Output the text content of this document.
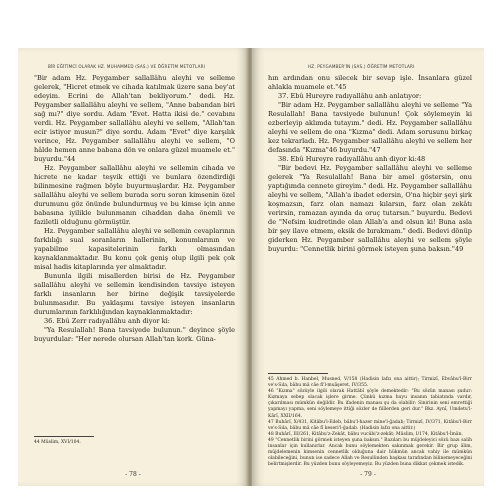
BİR EĞİTİMCİ OLARAK HZ. MUHAMMED (SAS.) VE ÖĞRETİM METOTLARI

"Bir adam Hz. Peygamber sallallâhu aleyhi ve selleme gelerek, "Hicret etmek ve cihada katılmak üzere sana bey'at edeyim. Ecrini de Allah'tan bekliyorum." dedi. Hz. Peygamber sallallâhu aleyhi ve sellem, "Anne babandan biri sağ mı?" diye sordu. Adam "Evet. Hatta ikisi de." cevabını verdi. Hz. Peygamber sallallâhu aleyhi ve sellem, "Allah'tan ecir istiyor musun?" diye sordu. Adam "Evet" diye karşılık verince, Hz. Peygamber sallallâhu aleyhi ve sellem, "O hâlde hemen anne babana dön ve onlara güzel muamele et." buyurdu."44

Hz. Peygamber sallallâhu aleyhi ve sellemin cihada ve hicrete ne kadar teşvik ettiği ve bunlara özendirdiği bilinmesine rağmen böyle buyurmuşlardır. Hz. Peygamber sallallâhu aleyhi ve sellem burada soru soran kimsenin özel durumunu göz önünde bulundurmuş ve bu kimse için anne babasına iyilikle bulunmanın cihaddan daha önemli ve faziletli olduğunu görmüştür.

Hz. Peygamber sallallâhu aleyhi ve sellemin cevaplarının farklılığı sual soranların hallerinin, konumlarının ve yapabilme kapasitelerinin farklı olmasından kaynaklanmaktadır. Bu konu çok geniş olup ilgili pek çok misal hadis kitaplarında yer almaktadır.

Bununla ilgili misallerden birisi de Hz. Peygamber sallallâhu aleyhi ve sellemin kendisinden tavsiye isteyen farklı insanların her birine değişik tavsiyelerde bulunmasıdır. Bu yaklaşımı tavsiye isteyen insanların durumlarının farklılığından kaynaklanmaktadır:

36. Ebû Zerr radıyallâhu anh diyor ki:

"Ya Resulallah! Bana tavsiyede bulunun." deyince şöyle buyurdular: "Her nerede olursan Allah'tan kork. Güna-

44 Müslim, XVI/104.
- 78 -
HZ. PEYGAMBER'İN (SAS.) ÖĞRETİM METOTLARI

hın ardından onu silecek bir sevap işle. İnsanlara güzel ahlakla muamele et."45

37. Ebû Hureyre radıyallâhu anh anlatıyor:

"Bir adam Hz. Peygamber sallallâhu aleyhi ve selleme "Ya Resulallah! Bana tavsiyede bulunun! Çok söylemeyin ki ezberleyip aklımda tutayım." dedi. Hz. Peygamber sallallâhu aleyhi ve sellem de ona "Kızma" dedi. Adam sorusunu birkaç kez tekrarladı. Hz. Peygamber sallallâhu aleyhi ve sellem her defasında "Kızma"46 buyurdu."47

38. Ebû Hureyre radıyallâhu anh diyor ki:48

"Bir bedevi Hz. Peygamber sallallâhu aleyhi ve selleme gelerek "Ya Resulallah! Bana bir amel göstersin, onu yaptığımda cennete gireyim." dedi. Hz. Peygamber sallallâhu aleyhi ve sellem, "Allah'a ibadet edersin, O'na hiçbir şeyi şirk koşmazsın, farz olan namazı kılarsın, farz olan zekâtı verirsin, ramazan ayında da oruç tutarsın." buyurdu. Bedevi de "Nefsim kudretinde olan Allah'a and olsun ki! Buna asla bir şey ilave etmem, eksik de bırakmam." dedi. Bedevi dönüp giderken Hz. Peygamber sallallâhu aleyhi ve sellem şöyle buyurdu: "Cennetlik birini görmek isteyen şuna baksın."49

45 Ahmed b. Hanbel, Musned, V/158 (Hadisin lafzı ona aittir); Tirmizî, Ebvâbu'l-Birr ve's-Sıla, bâbu mâ câe fi'l-muâşeret, IV/355.
46 "Kızma" sözüyle ilgili olarak Hattâbî şöyle demektedir: "Bu sözün manası şudur: Kızmaya sebep olacak işlere girme. Çünkü kızma huyu insanın tabiatında vardır, çıkarılması mümkün değildir. Bu ifadenin manası şu da olabilir: Sinirinin seni emrettiği yapmayı yapma, seni söylemeye ittiği sözler de fiillerden geri dur." Bkz. Aynî, Umdetu'l-Kârî, XXII/164.
47 Buhârî, X/431, Kitâbu'l-Edeb, bâbu'l-hazer mine'l-ğadab; Tirmizî, IV/371, Kitâbu'l-Birr ve's-Sıla, bâbu mâ câe fî keseri'l-ğadab. (Hadisin lafzı ona aittir.)
48 Buhârî, III/261, Kitâbu'z-Zekât, bâbu vucûbi'z-zekât; Müslim, I/174, Kitâbu'l-İmân.
49 "Cennetlik birini görmek isteyen şuna baksın." Bazıları bu müjdeleyici sözü bazı salih insanlar için kullanırlar. Ancak bunu söylemekten sakınmak gerekir. Bir grup âlim, müjdelemenin kimsenin cennetlik olduğuna dair hükmün ancak vahiy ile mümkün olabileceğini, bunun ise sadece Allah ve Resulünden başkası tarafından bilinemeyeceğini belirtmişlerdir. Bu yüzden bunu söyleyemeyiz. Bu yüzden buna dikkat çekmek istedik.
- 79 -
